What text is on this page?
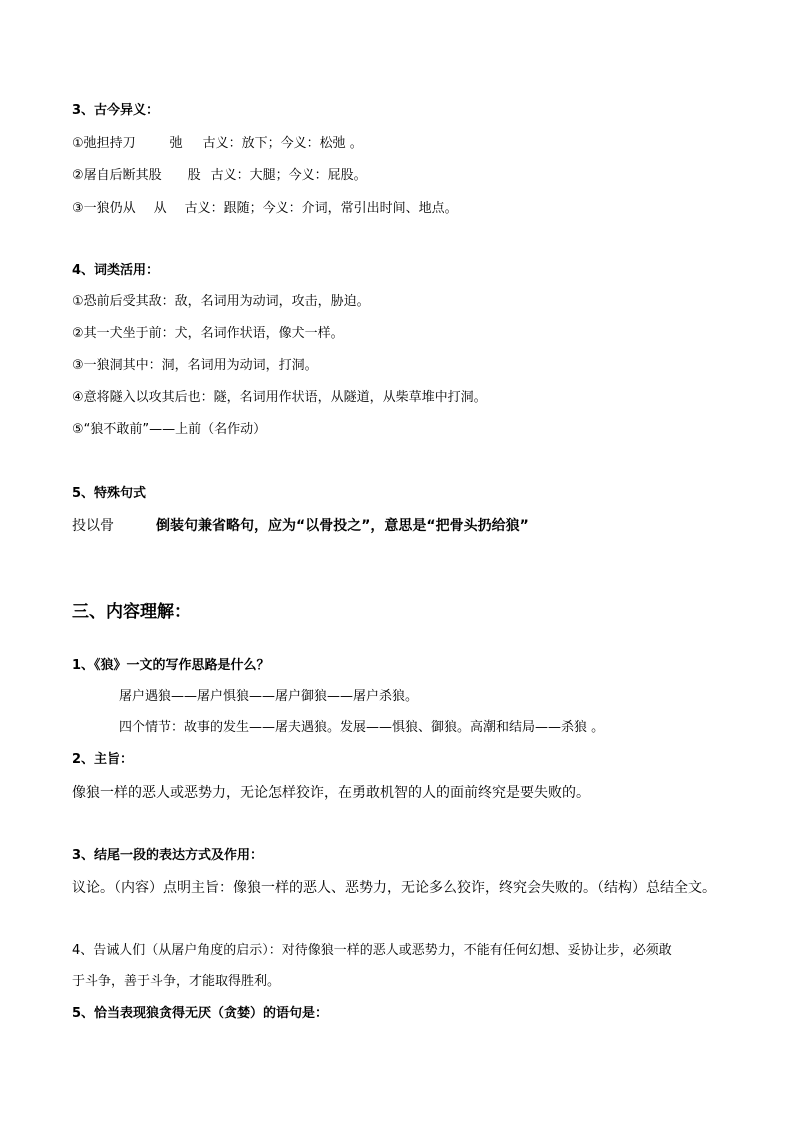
3、古今异义：
①弛担持刀	弛 古义：放下；今义：松弛 。
②屠自后断其股 股 古义：大腿；今义：屁股。
③一狼仍从 从 古义：跟随；今义：介词，常引出时间、地点。
4、词类活用：
①恐前后受其敌：敌，名词用为动词，攻击，胁迫。
②其一犬坐于前：犬，名词作状语，像犬一样。
③一狼洞其中：洞，名词用为动词，打洞。
④意将隧入以攻其后也：隧，名词用作状语，从隧道，从柴草堆中打洞。
⑤“狼不敢前”——上前（名作动）
5、特殊句式
投以骨	倒装句兼省略句，应为“以骨投之”，意思是“把骨头扔给狼”
三、内容理解：
1、《狼》一文的写作思路是什么？
屠户遇狼——屠户惧狼——屠户御狼——屠户杀狼。
四个情节：故事的发生——屠夫遇狼。发展——惧狼、御狼。高潮和结局——杀狼 。
2、主旨：
像狼一样的恶人或恶势力，无论怎样狡诈，在勇敢机智的人的面前终究是要失败的。
3、结尾一段的表达方式及作用：
议论。（内容）点明主旨：像狼一样的恶人、恶势力，无论多么狡诈，终究会失败的。（结构）总结全文。
4、告诫人们（从屠户角度的启示）：对待像狼一样的恶人或恶势力，不能有任何幻想、妥协让步，必须敢
于斗争，善于斗争，才能取得胜利。
5、恰当表现狼贪得无厌（贪婪）的语句是：
